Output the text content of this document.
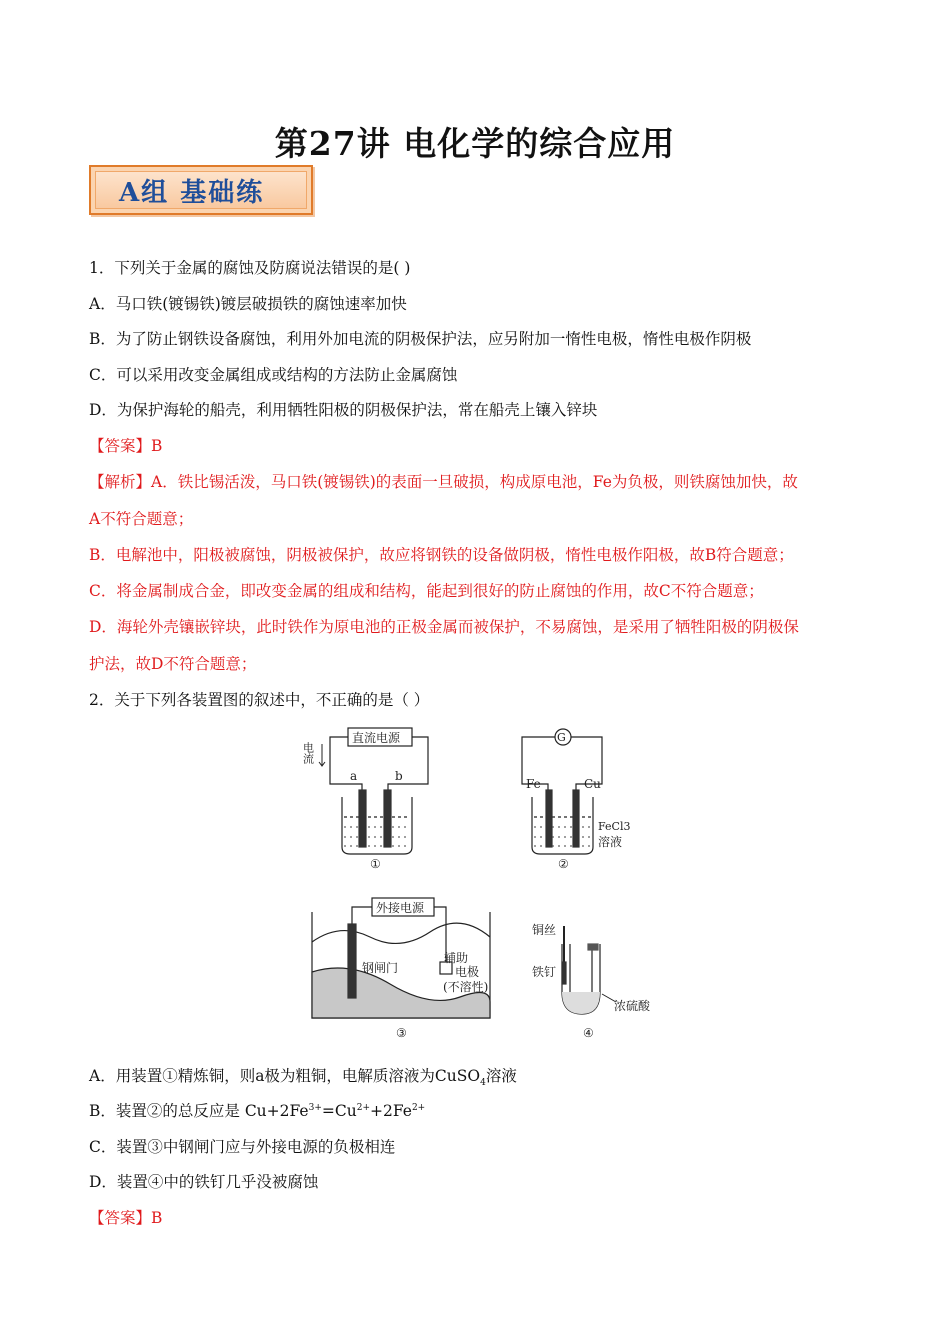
第27讲 电化学的综合应用
A组 基础练
1．下列关于金属的腐蚀及防腐说法错误的是( )
A．马口铁(镀锡铁)镀层破损铁的腐蚀速率加快
B．为了防止钢铁设备腐蚀，利用外加电流的阴极保护法，应另附加一惰性电极，惰性电极作阴极
C．可以采用改变金属组成或结构的方法防止金属腐蚀
D．为保护海轮的船壳，利用牺牲阳极的阴极保护法，常在船壳上镶入锌块
【答案】B
【解析】A．铁比锡活泼，马口铁(镀锡铁)的表面一旦破损，构成原电池，Fe为负极，则铁腐蚀加快，故
A不符合题意；
B．电解池中，阳极被腐蚀，阴极被保护，故应将钢铁的设备做阴极，惰性电极作阳极，故B符合题意；
C．将金属制成合金，即改变金属的组成和结构，能起到很好的防止腐蚀的作用，故C不符合题意；
D．海轮外壳镶嵌锌块，此时铁作为原电池的正极金属而被保护，不易腐蚀，是采用了牺牲阳极的阴极保
护法，故D不符合题意；
2．关于下列各装置图的叙述中，不正确的是（ ）
直流电源
电流
a	b
①
G
Fe	Cu
FeCl3
溶液
②
外接电源
钢闸门
辅助
电极
(不溶性)
③
铜丝
铁钉
浓硫酸
④
A．用装置①精炼铜，则a极为粗铜，电解质溶液为CuSO$_4$溶液
B．装置②的总反应是 $Cu+2Fe^{3+}=Cu^{2+}+2Fe^{2+}$
C．装置③中钢闸门应与外接电源的负极相连
D．装置④中的铁钉几乎没被腐蚀
【答案】B
